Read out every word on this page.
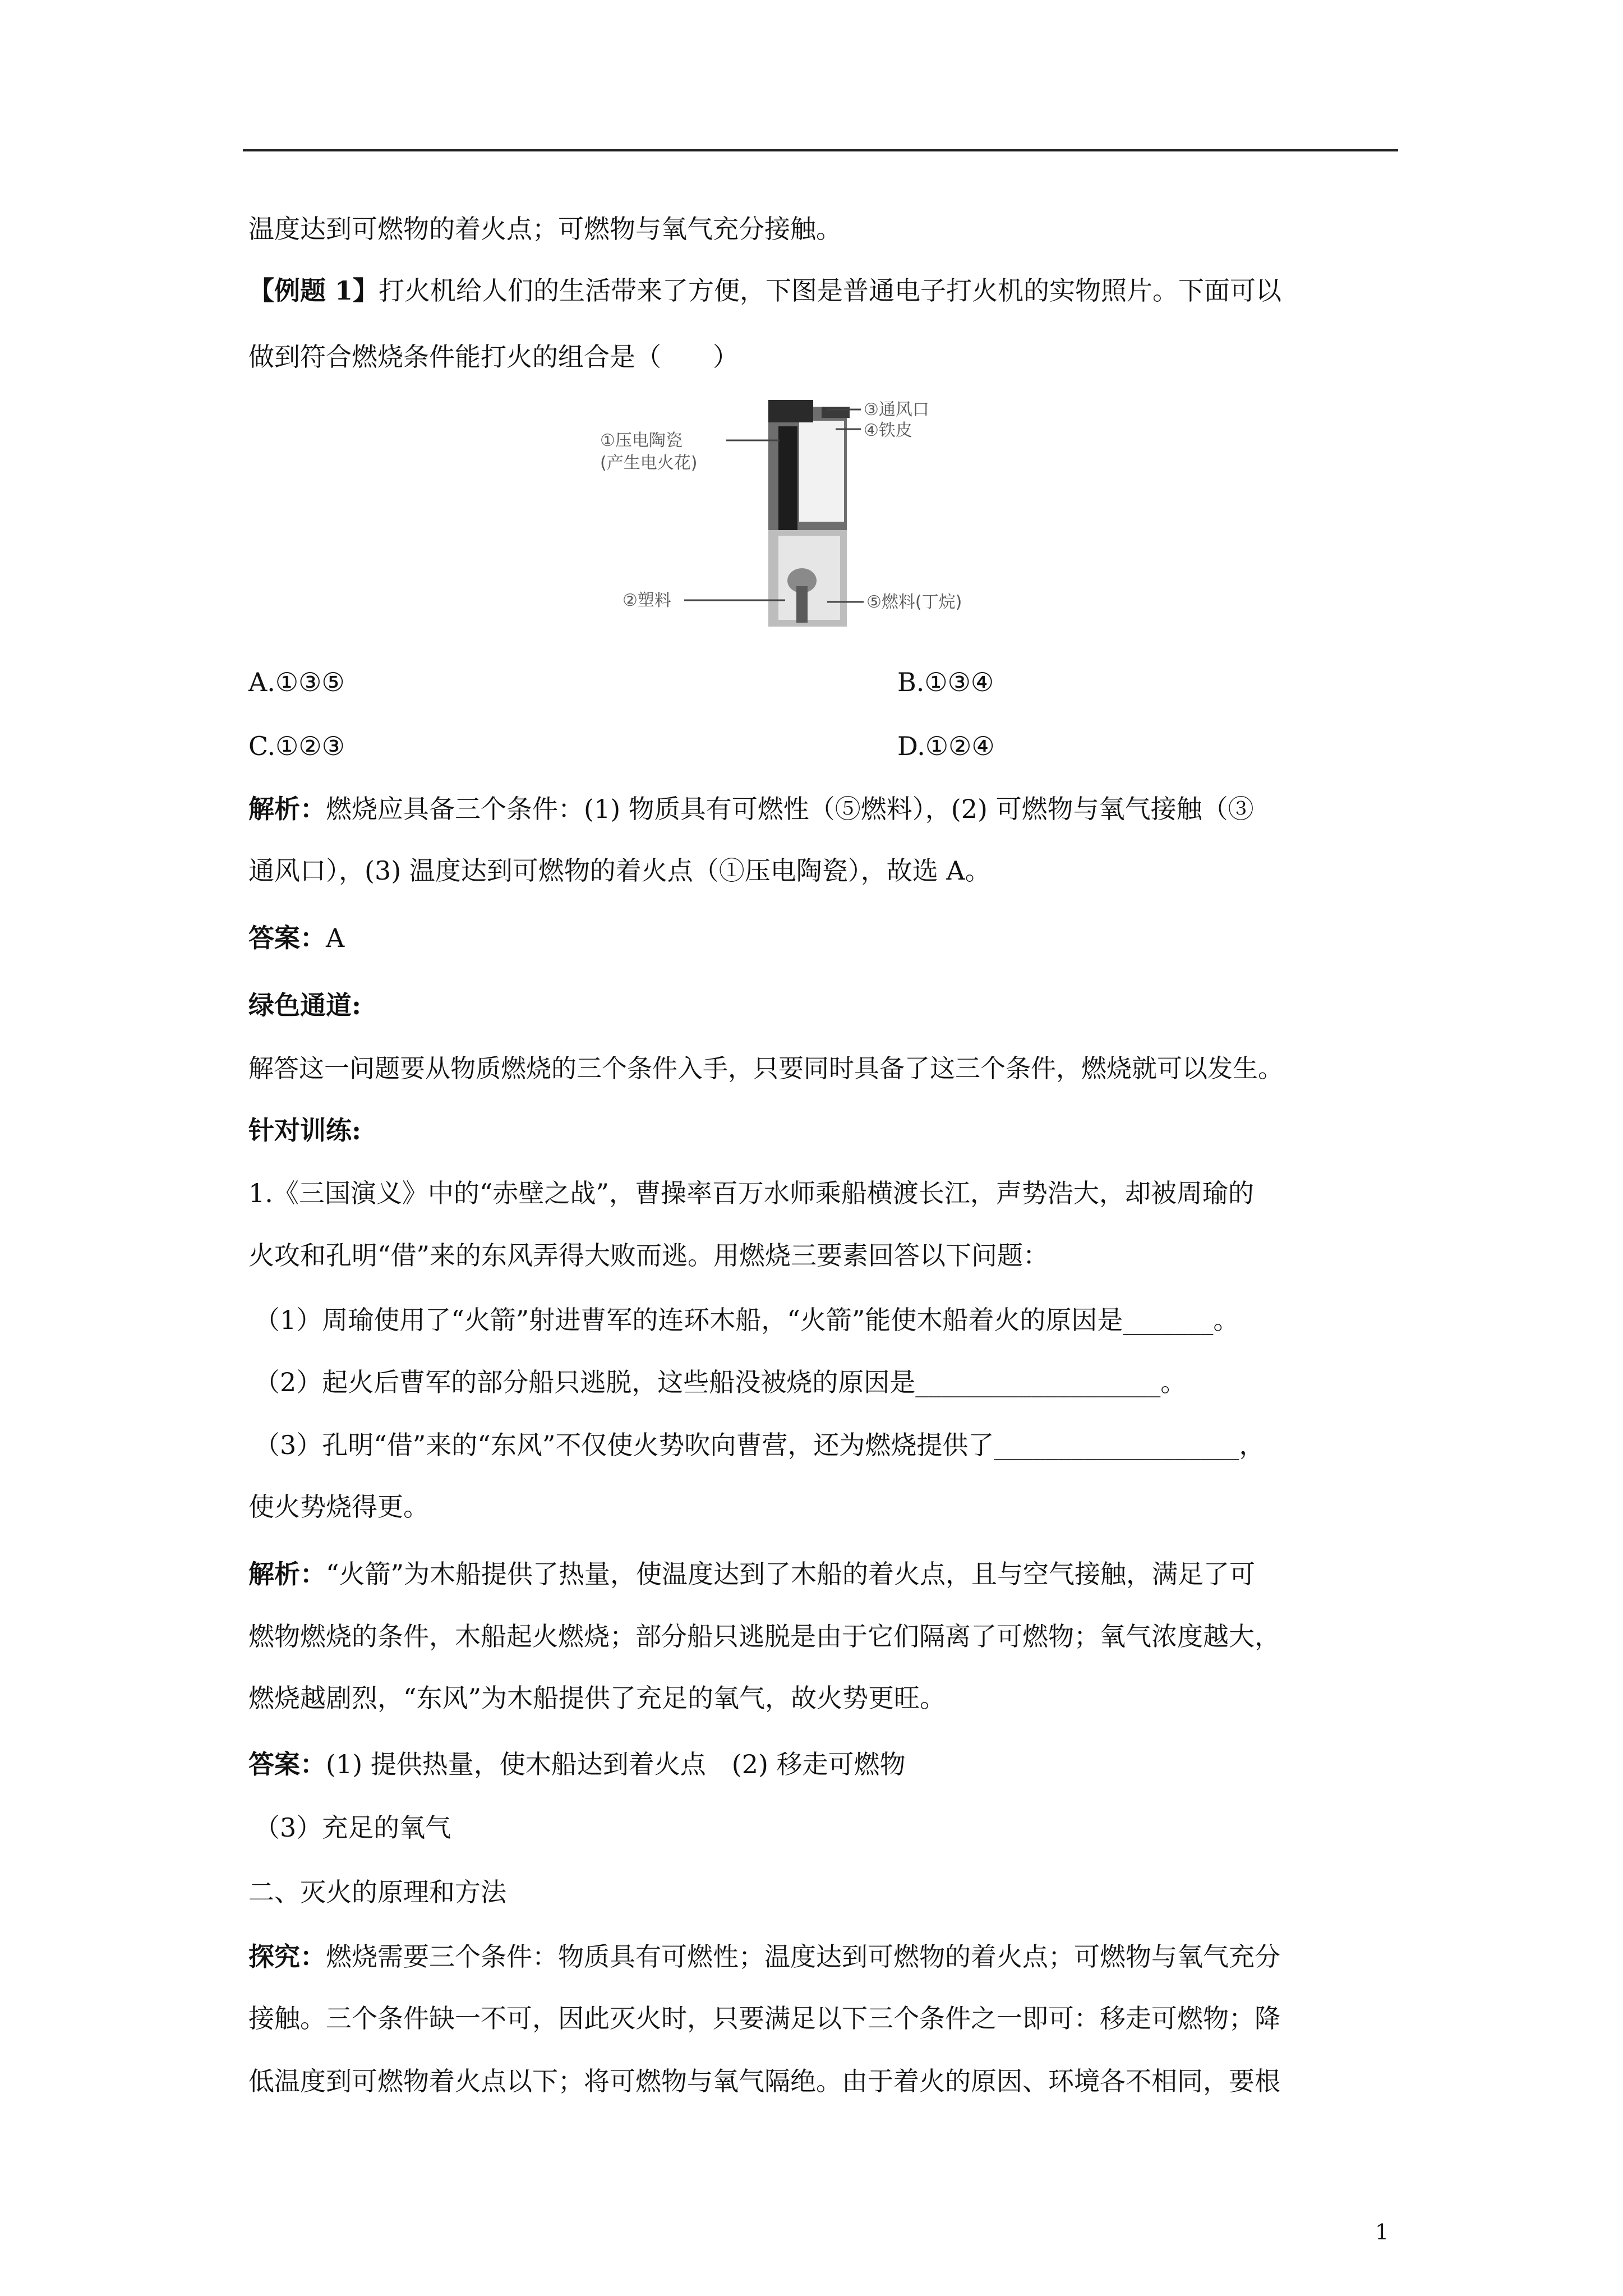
温度达到可燃物的着火点；可燃物与氧气充分接触。
【例题 1】打火机给人们的生活带来了方便，下图是普通电子打火机的实物照片。下面可以
做到符合燃烧条件能打火的组合是（　　）
①压电陶瓷
(产生电火花)
②塑料
③通风口
④铁皮
⑤燃料(丁烷)
A.①③⑤	B.①③④
C.①②③	D.①②④
解析：燃烧应具备三个条件：(1) 物质具有可燃性（⑤燃料），(2) 可燃物与氧气接触（③
通风口），(3) 温度达到可燃物的着火点（①压电陶瓷），故选 A。
答案：A
绿色通道:
解答这一问题要从物质燃烧的三个条件入手，只要同时具备了这三个条件，燃烧就可以发生。
针对训练:
1.《三国演义》中的“赤壁之战”，曹操率百万水师乘船横渡长江，声势浩大，却被周瑜的
火攻和孔明“借”来的东风弄得大败而逃。用燃烧三要素回答以下问题：
（1）周瑜使用了“火箭”射进曹军的连环木船，“火箭”能使木船着火的原因是_______。
（2）起火后曹军的部分船只逃脱，这些船没被烧的原因是___________________。
（3）孔明“借”来的“东风”不仅使火势吹向曹营，还为燃烧提供了___________________，
使火势烧得更。
解析：“火箭”为木船提供了热量，使温度达到了木船的着火点，且与空气接触，满足了可
燃物燃烧的条件，木船起火燃烧；部分船只逃脱是由于它们隔离了可燃物；氧气浓度越大，
燃烧越剧烈，“东风”为木船提供了充足的氧气，故火势更旺。
答案：(1) 提供热量，使木船达到着火点　(2) 移走可燃物
（3）充足的氧气
二、灭火的原理和方法
探究：燃烧需要三个条件：物质具有可燃性；温度达到可燃物的着火点；可燃物与氧气充分
接触。三个条件缺一不可，因此灭火时，只要满足以下三个条件之一即可：移走可燃物；降
低温度到可燃物着火点以下；将可燃物与氧气隔绝。由于着火的原因、环境各不相同，要根
1
